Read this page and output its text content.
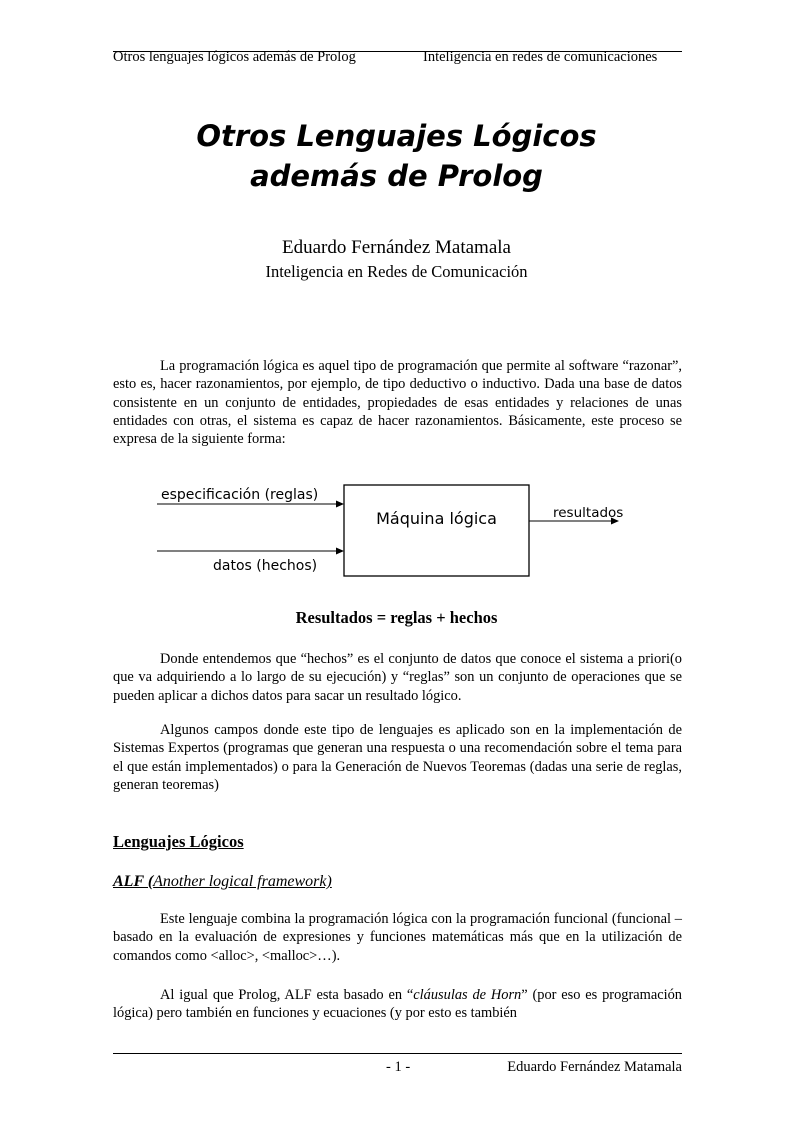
Otros lenguajes lógicos además de Prolog	Inteligencia en redes de comunicaciones
Otros Lenguajes Lógicos
además de Prolog
Eduardo Fernández Matamala
Inteligencia en Redes de Comunicación

La programación lógica es aquel tipo de programación que permite al software “razonar”, esto es, hacer razonamientos, por ejemplo, de tipo deductivo o inductivo. Dada una base de datos consistente en un conjunto de entidades, propiedades de esas entidades y relaciones de unas entidades con otras, el sistema es capaz de hacer razonamientos. Básicamente, este proceso se expresa de la siguiente forma:

especificación (reglas)
datos (hechos)
Máquina lógica	resultados
Resultados = reglas + hechos

Donde entendemos que “hechos” es el conjunto de datos que conoce el sistema a priori(o que va adquiriendo a lo largo de su ejecución) y “reglas” son un conjunto de operaciones que se pueden aplicar a dichos datos para sacar un resultado lógico.

Algunos campos donde este tipo de lenguajes es aplicado son en la implementación de Sistemas Expertos (programas que generan una respuesta o una recomendación sobre el tema para el que están implementados) o para la Generación de Nuevos Teoremas (dadas una serie de reglas, generan teoremas)

Lenguajes Lógicos
ALF (Another logical framework)

Este lenguaje combina la programación lógica con la programación funcional (funcional – basado en la evaluación de expresiones y funciones matemáticas más que en la utilización de comandos como <alloc>, <malloc>…).

Al igual que Prolog, ALF esta basado en “cláusulas de Horn” (por eso es programación lógica) pero también en funciones y ecuaciones (y por esto es también

- 1 -	Eduardo Fernández Matamala
